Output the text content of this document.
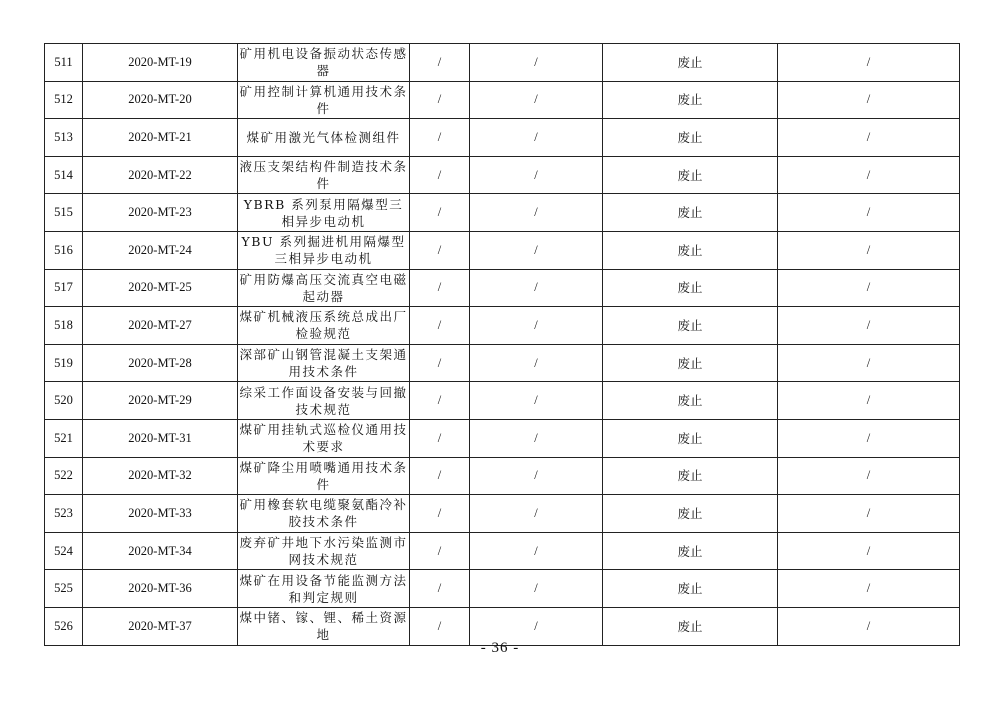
511	2020-MT-19	矿用机电设备振动状态传感器	/	/	废止	/
512	2020-MT-20	矿用控制计算机通用技术条件	/	/	废止	/
513	2020-MT-21	煤矿用激光气体检测组件	/	/	废止	/
514	2020-MT-22	液压支架结构件制造技术条件	/	/	废止	/
515	2020-MT-23	YBRB 系列泵用隔爆型三相异步电动机	/	/	废止	/
516	2020-MT-24	YBU 系列掘进机用隔爆型三相异步电动机	/	/	废止	/
517	2020-MT-25	矿用防爆高压交流真空电磁起动器	/	/	废止	/
518	2020-MT-27	煤矿机械液压系统总成出厂检验规范	/	/	废止	/
519	2020-MT-28	深部矿山钢管混凝土支架通用技术条件	/	/	废止	/
520	2020-MT-29	综采工作面设备安装与回撤技术规范	/	/	废止	/
521	2020-MT-31	煤矿用挂轨式巡检仪通用技术要求	/	/	废止	/
522	2020-MT-32	煤矿降尘用喷嘴通用技术条件	/	/	废止	/
523	2020-MT-33	矿用橡套软电缆聚氨酯冷补胶技术条件	/	/	废止	/
524	2020-MT-34	废弃矿井地下水污染监测市网技术规范	/	/	废止	/
525	2020-MT-36	煤矿在用设备节能监测方法和判定规则	/	/	废止	/
526	2020-MT-37	煤中锗、镓、锂、稀土资源地	/	/	废止	/
- 36 -
